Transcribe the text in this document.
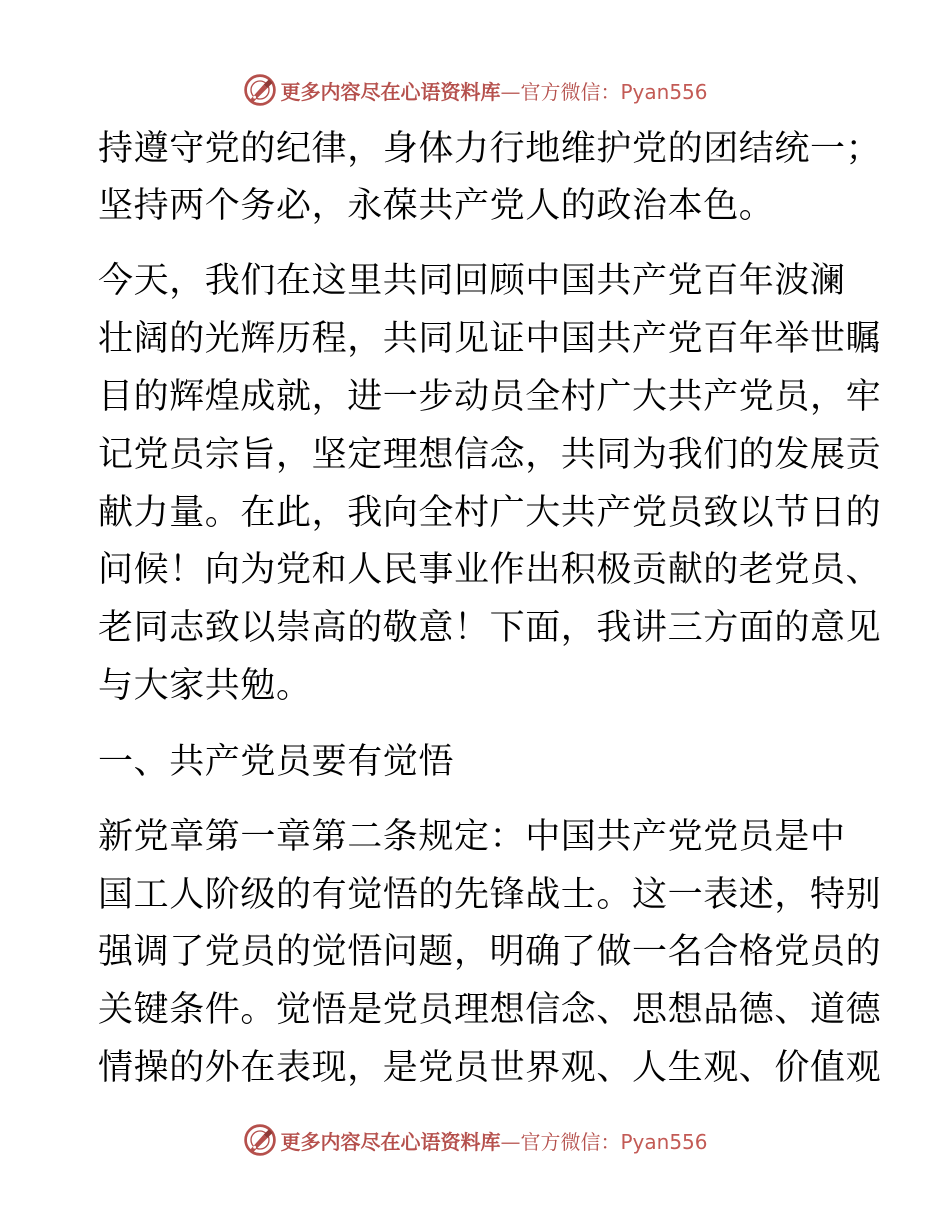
更多内容尽在心语资料库—官方微信：Pyan556
持遵守党的纪律，身体力行地维护党的团结统一；
坚持两个务必，永葆共产党人的政治本色。
今天，我们在这里共同回顾中国共产党百年波澜
壮阔的光辉历程，共同见证中国共产党百年举世瞩
目的辉煌成就，进一步动员全村广大共产党员，牢
记党员宗旨，坚定理想信念，共同为我们的发展贡
献力量。在此，我向全村广大共产党员致以节日的
问候！向为党和人民事业作出积极贡献的老党员、
老同志致以崇高的敬意！下面，我讲三方面的意见
与大家共勉。
一、共产党员要有觉悟
新党章第一章第二条规定：中国共产党党员是中
国工人阶级的有觉悟的先锋战士。这一表述，特别
强调了党员的觉悟问题，明确了做一名合格党员的
关键条件。觉悟是党员理想信念、思想品德、道德
情操的外在表现，是党员世界观、人生观、价值观
更多内容尽在心语资料库—官方微信：Pyan556
